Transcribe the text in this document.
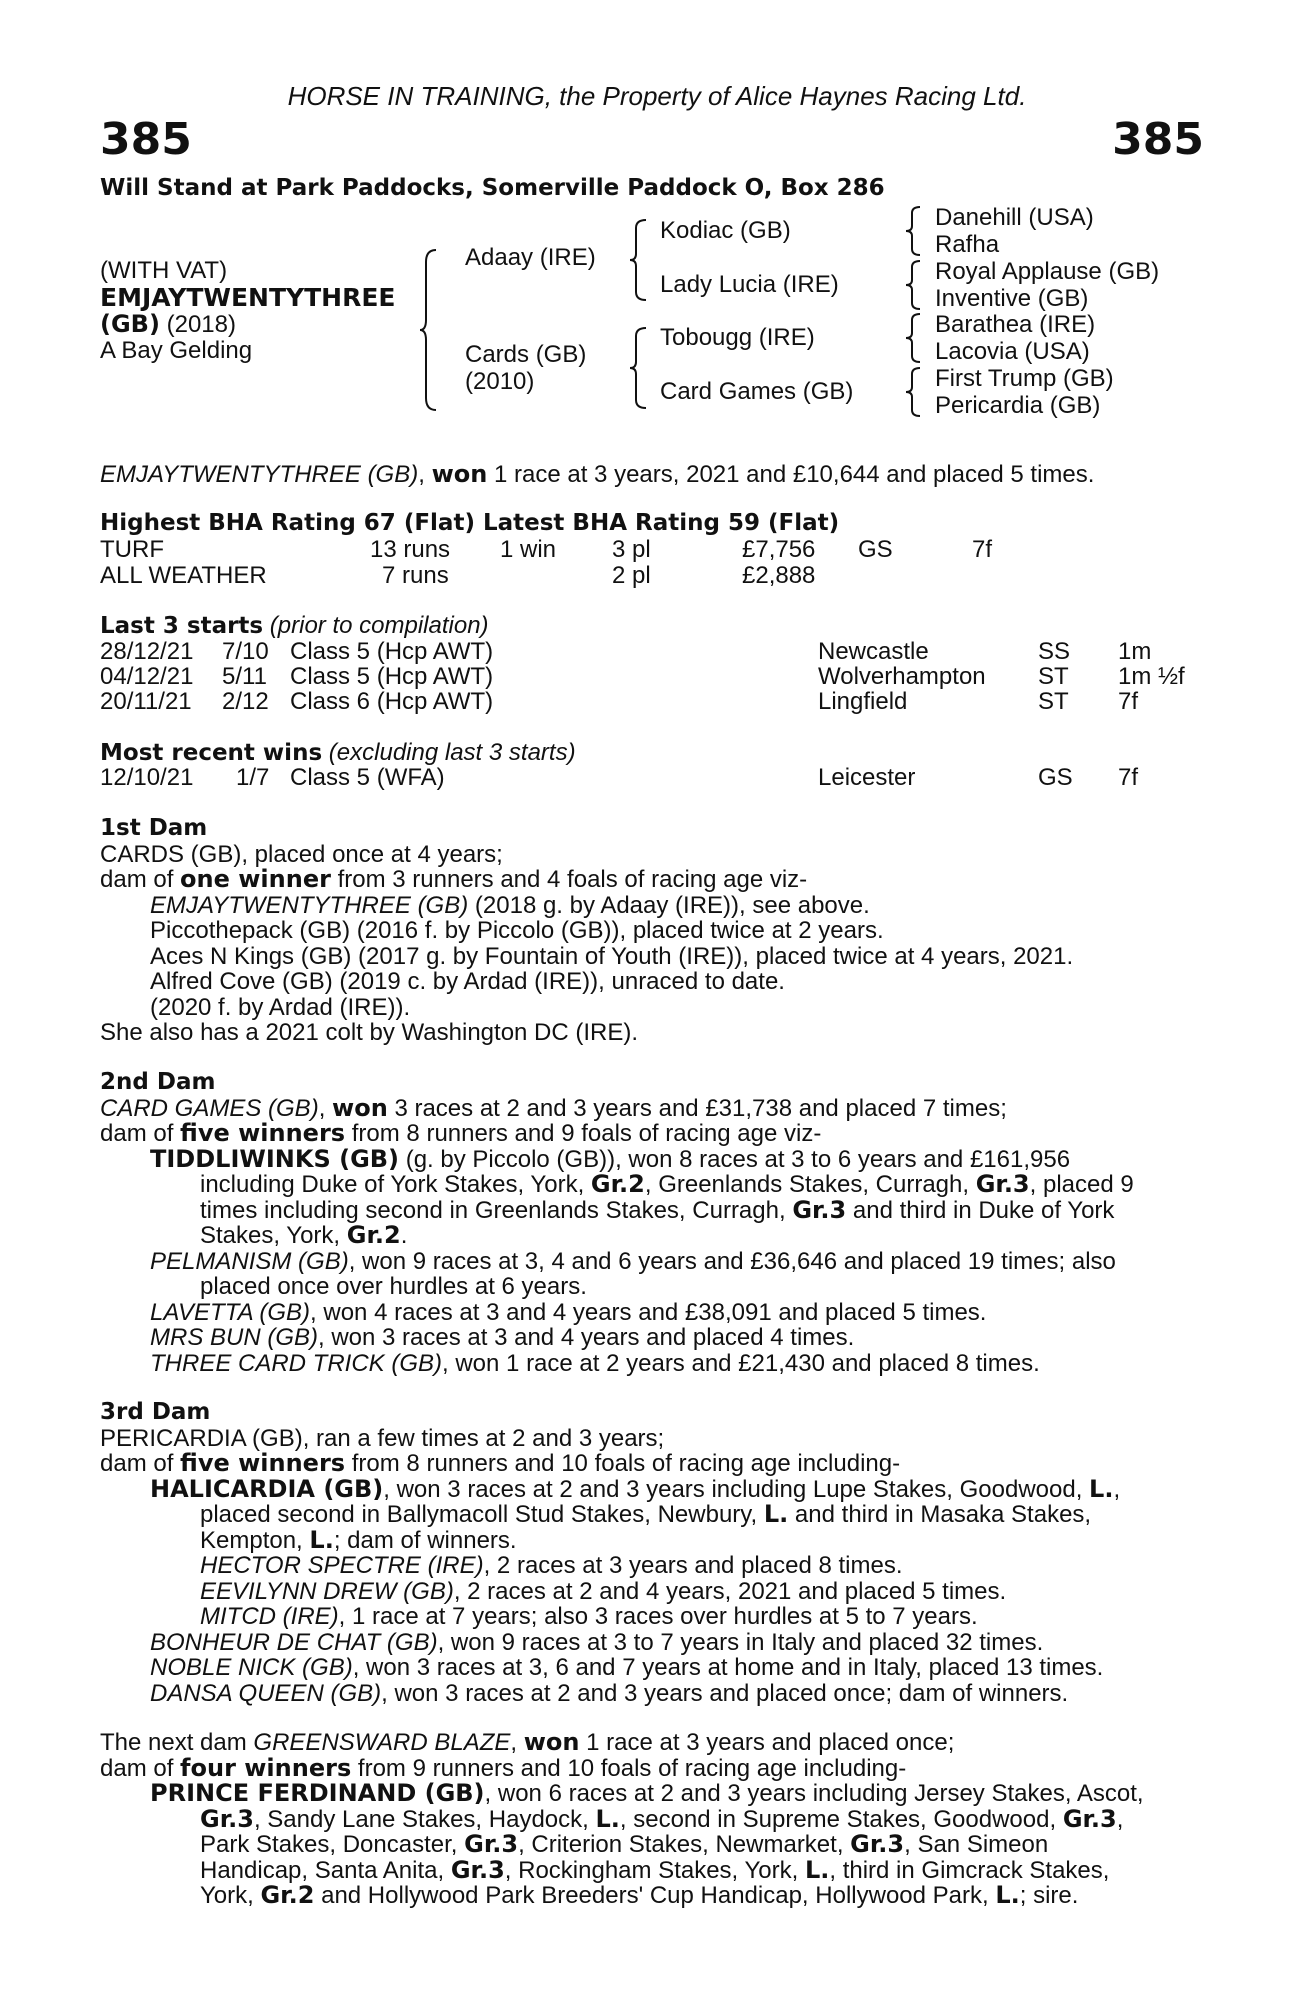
HORSE IN TRAINING, the Property of Alice Haynes Racing Ltd.
385	385
Will Stand at Park Paddocks, Somerville Paddock O, Box 286
(WITH VAT)
EMJAYTWENTYTHREE
(GB) (2018)
A Bay Gelding
Adaay (IRE)
Cards (GB)
(2010)
Kodiac (GB)
Lady Lucia (IRE)
Tobougg (IRE)
Card Games (GB)
Danehill (USA)
Rafha
Royal Applause (GB)
Inventive (GB)
Barathea (IRE)
Lacovia (USA)
First Trump (GB)
Pericardia (GB)
EMJAYTWENTYTHREE (GB), won 1 race at 3 years, 2021 and £10,644 and placed 5 times.
Highest BHA Rating 67 (Flat) Latest BHA Rating 59 (Flat)
TURF	13 runs 1 win 3 pl	£7,756 GS	7f
ALL WEATHER	7 runs	2 pl	£2,888
Last 3 starts (prior to compilation)
28/12/21 7/10 Class 5 (Hcp AWT)	Newcastle	SS 1m
04/12/21 5/11 Class 5 (Hcp AWT)	Wolverhampton ST 1m ½f
20/11/21 2/12 Class 6 (Hcp AWT)	Lingfield	ST 7f
Most recent wins (excluding last 3 starts)
12/10/21 1/7 Class 5 (WFA)	Leicester	GS 7f
1st Dam
CARDS (GB), placed once at 4 years;
dam of one winner from 3 runners and 4 foals of racing age viz-
EMJAYTWENTYTHREE (GB) (2018 g. by Adaay (IRE)), see above.
Piccothepack (GB) (2016 f. by Piccolo (GB)), placed twice at 2 years.
Aces N Kings (GB) (2017 g. by Fountain of Youth (IRE)), placed twice at 4 years, 2021.
Alfred Cove (GB) (2019 c. by Ardad (IRE)), unraced to date.
(2020 f. by Ardad (IRE)).
She also has a 2021 colt by Washington DC (IRE).
2nd Dam
CARD GAMES (GB), won 3 races at 2 and 3 years and £31,738 and placed 7 times;
dam of five winners from 8 runners and 9 foals of racing age viz-
TIDDLIWINKS (GB) (g. by Piccolo (GB)), won 8 races at 3 to 6 years and £161,956
including Duke of York Stakes, York, Gr.2, Greenlands Stakes, Curragh, Gr.3, placed 9
times including second in Greenlands Stakes, Curragh, Gr.3 and third in Duke of York
Stakes, York, Gr.2.
PELMANISM (GB), won 9 races at 3, 4 and 6 years and £36,646 and placed 19 times; also
placed once over hurdles at 6 years.
LAVETTA (GB), won 4 races at 3 and 4 years and £38,091 and placed 5 times.
MRS BUN (GB), won 3 races at 3 and 4 years and placed 4 times.
THREE CARD TRICK (GB), won 1 race at 2 years and £21,430 and placed 8 times.
3rd Dam
PERICARDIA (GB), ran a few times at 2 and 3 years;
dam of five winners from 8 runners and 10 foals of racing age including-
HALICARDIA (GB), won 3 races at 2 and 3 years including Lupe Stakes, Goodwood, L.,
placed second in Ballymacoll Stud Stakes, Newbury, L. and third in Masaka Stakes,
Kempton, L.; dam of winners.
HECTOR SPECTRE (IRE), 2 races at 3 years and placed 8 times.
EEVILYNN DREW (GB), 2 races at 2 and 4 years, 2021 and placed 5 times.
MITCD (IRE), 1 race at 7 years; also 3 races over hurdles at 5 to 7 years.
BONHEUR DE CHAT (GB), won 9 races at 3 to 7 years in Italy and placed 32 times.
NOBLE NICK (GB), won 3 races at 3, 6 and 7 years at home and in Italy, placed 13 times.
DANSA QUEEN (GB), won 3 races at 2 and 3 years and placed once; dam of winners.
The next dam GREENSWARD BLAZE, won 1 race at 3 years and placed once;
dam of four winners from 9 runners and 10 foals of racing age including-
PRINCE FERDINAND (GB), won 6 races at 2 and 3 years including Jersey Stakes, Ascot,
Gr.3, Sandy Lane Stakes, Haydock, L., second in Supreme Stakes, Goodwood, Gr.3,
Park Stakes, Doncaster, Gr.3, Criterion Stakes, Newmarket, Gr.3, San Simeon
Handicap, Santa Anita, Gr.3, Rockingham Stakes, York, L., third in Gimcrack Stakes,
York, Gr.2 and Hollywood Park Breeders' Cup Handicap, Hollywood Park, L.; sire.
